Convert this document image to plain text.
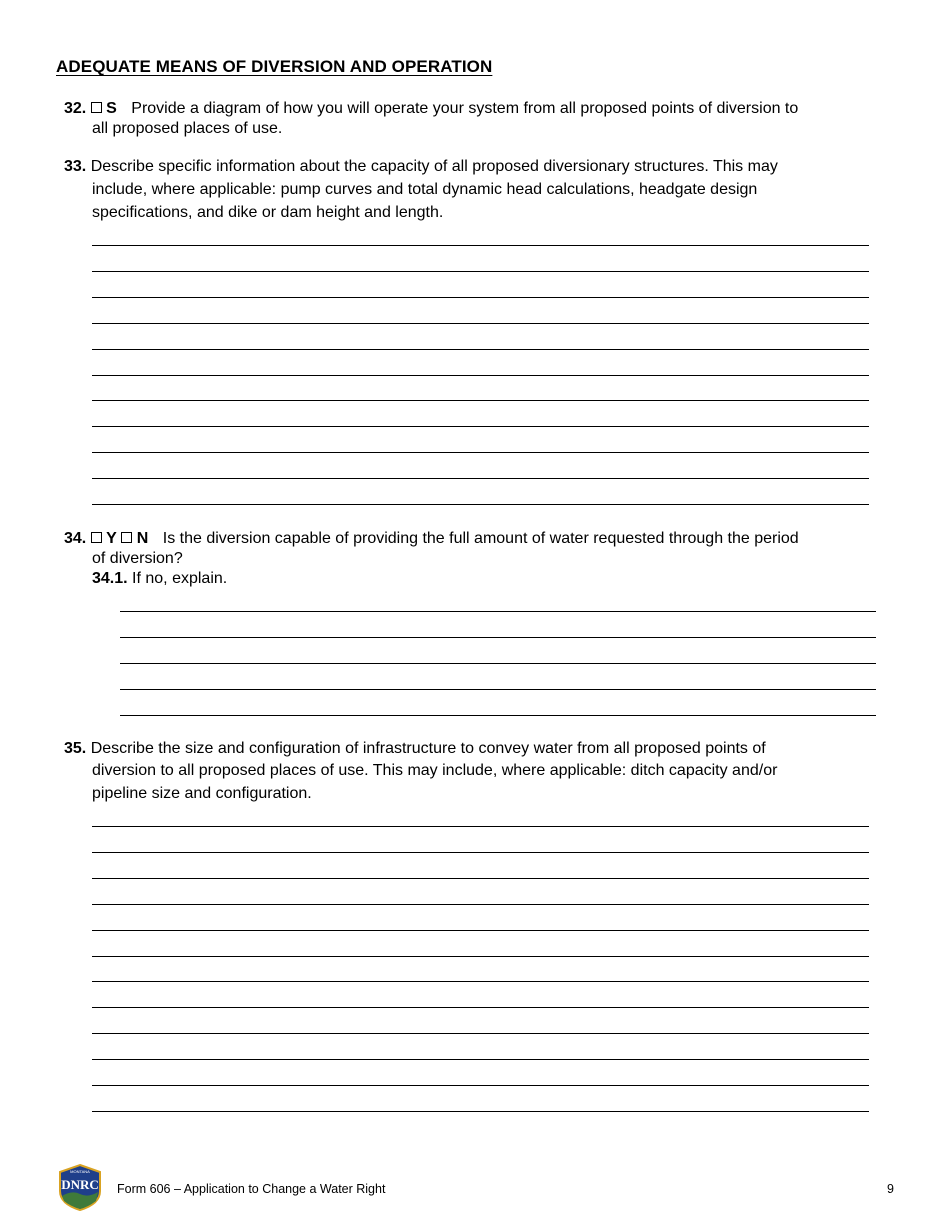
ADEQUATE MEANS OF DIVERSION AND OPERATION
32. S Provide a diagram of how you will operate your system from all proposed points of diversion to
all proposed places of use.
33. Describe specific information about the capacity of all proposed diversionary structures. This may
include, where applicable: pump curves and total dynamic head calculations, headgate design
specifications, and dike or dam height and length.
34. Y N Is the diversion capable of providing the full amount of water requested through the period
of diversion?
34.1. If no, explain.
35. Describe the size and configuration of infrastructure to convey water from all proposed points of
diversion to all proposed places of use. This may include, where applicable: ditch capacity and/or
pipeline size and configuration.
MONTANA
DNRC Form 606 – Application to Change a Water Right	9
